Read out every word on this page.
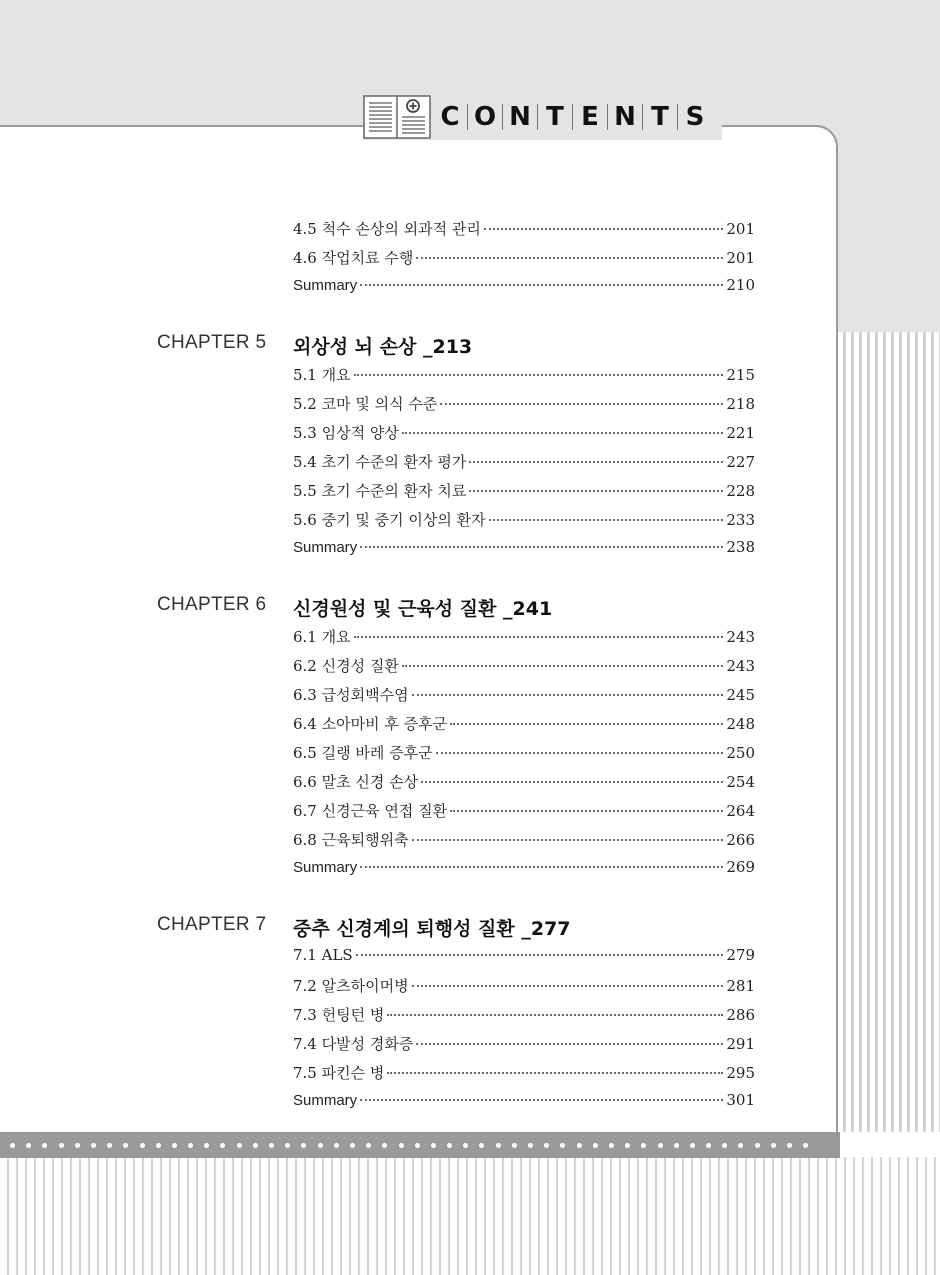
C O N T E N T S
4.5 척수 손상의 외과적 관리	201
4.6 작업치료 수행	201
Summary	210
CHAPTER 5	외상성 뇌 손상 _213
5.1 개요	215
5.2 코마 및 의식 수준	218
5.3 임상적 양상	221
5.4 초기 수준의 환자 평가	227
5.5 초기 수준의 환자 치료	228
5.6 중기 및 중기 이상의 환자	233
Summary	238
CHAPTER 6	신경원성 및 근육성 질환 _241
6.1 개요	243
6.2 신경성 질환	243
6.3 급성회백수염	245
6.4 소아마비 후 증후군	248
6.5 길랭 바레 증후군	250
6.6 말초 신경 손상	254
6.7 신경근육 연접 질환	264
6.8 근육퇴행위축	266
Summary	269
CHAPTER 7	중추 신경계의 퇴행성 질환 _277
7.1 ALS	279
7.2 알츠하이머병	281
7.3 헌팅턴 병	286
7.4 다발성 경화증	291
7.5 파킨슨 병	295
Summary	301
